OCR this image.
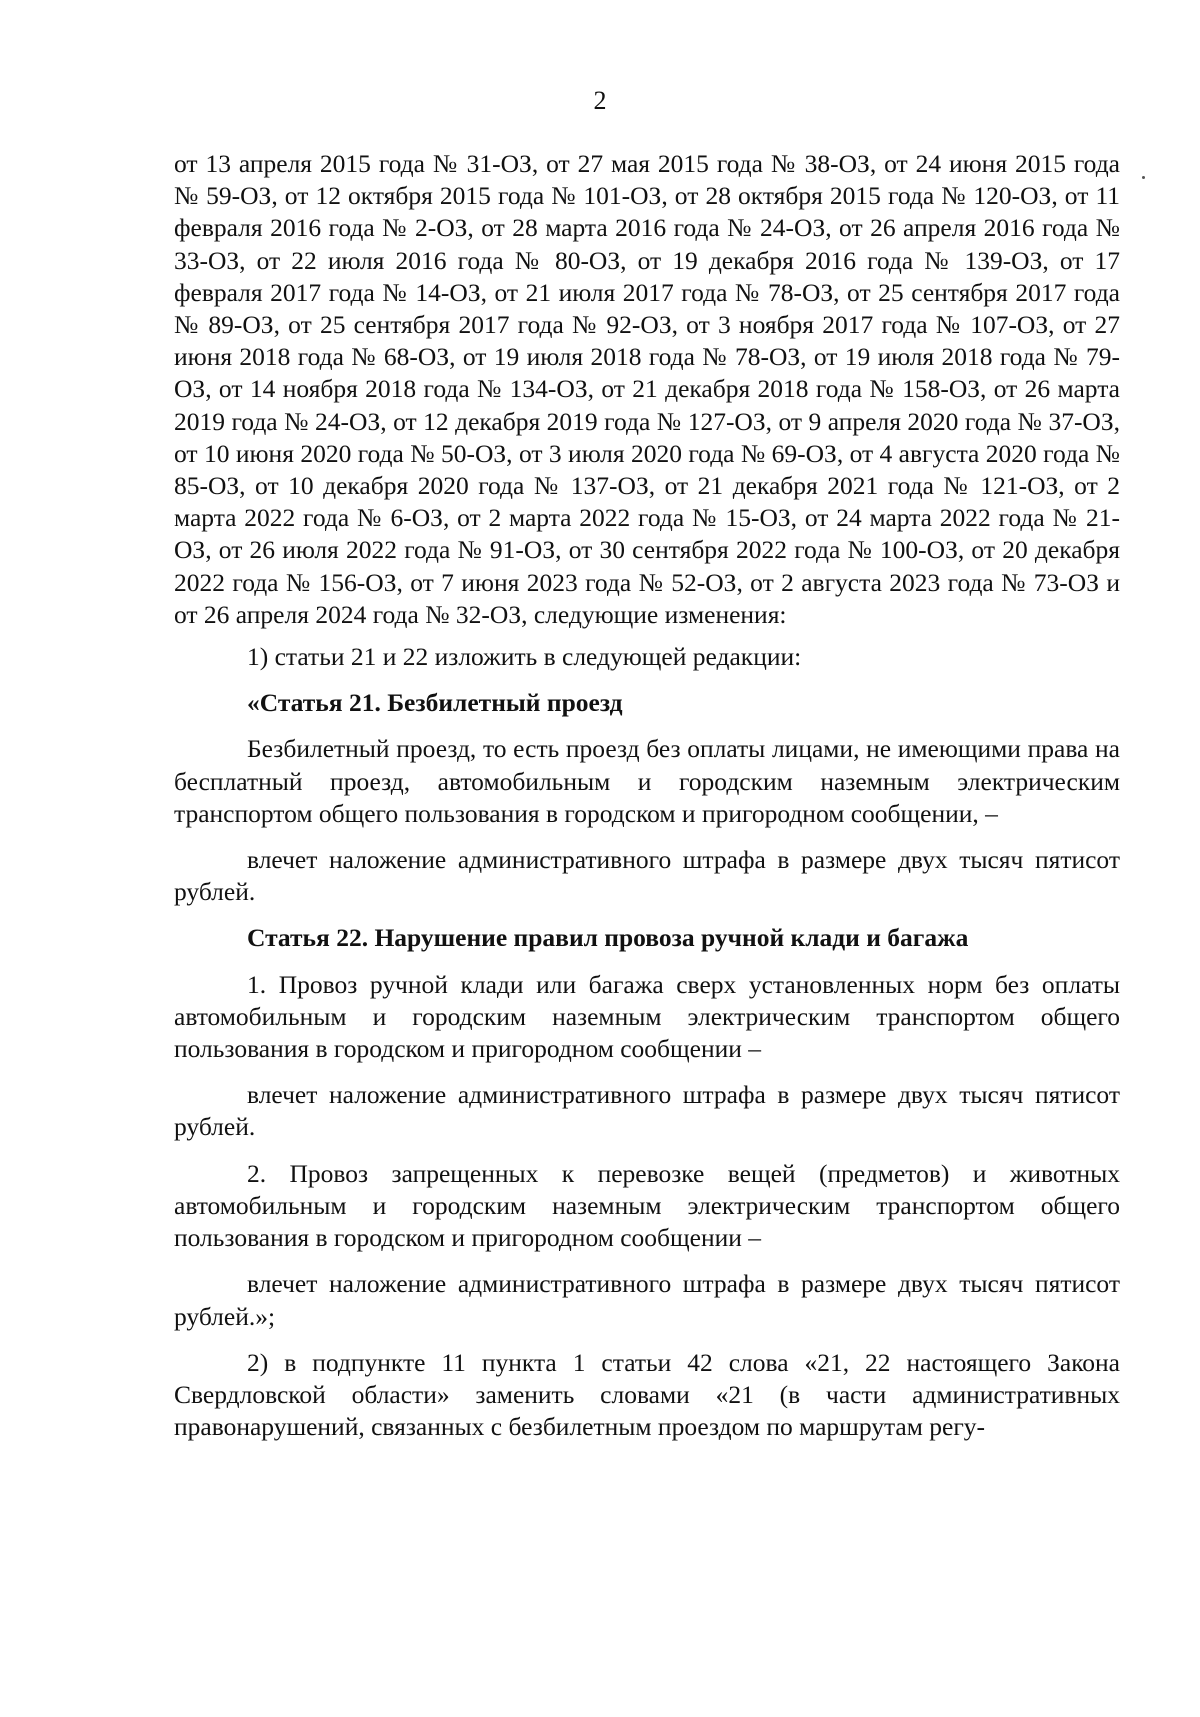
2

от 13 апреля 2015 года № 31-ОЗ, от 27 мая 2015 года № 38-ОЗ, от 24 июня 2015 года № 59-ОЗ, от 12 октября 2015 года № 101-ОЗ, от 28 октября 2015 года № 120-ОЗ, от 11 февраля 2016 года № 2-ОЗ, от 28 марта 2016 года № 24-ОЗ, от 26 апреля 2016 года № 33-ОЗ, от 22 июля 2016 года № 80-ОЗ, от 19 декабря 2016 года № 139-ОЗ, от 17 февраля 2017 года № 14-ОЗ, от 21 июля 2017 года № 78-ОЗ, от 25 сентября 2017 года № 89-ОЗ, от 25 сентября 2017 года № 92-ОЗ, от 3 ноября 2017 года № 107-ОЗ, от 27 июня 2018 года № 68-ОЗ, от 19 июля 2018 года № 78-ОЗ, от 19 июля 2018 года № 79-ОЗ, от 14 ноября 2018 года № 134-ОЗ, от 21 декабря 2018 года № 158-ОЗ, от 26 марта 2019 года № 24-ОЗ, от 12 декабря 2019 года № 127-ОЗ, от 9 апреля 2020 года № 37-ОЗ, от 10 июня 2020 года № 50-ОЗ, от 3 июля 2020 года № 69-ОЗ, от 4 августа 2020 года № 85-ОЗ, от 10 декабря 2020 года № 137-ОЗ, от 21 декабря 2021 года № 121-ОЗ, от 2 марта 2022 года № 6-ОЗ, от 2 марта 2022 года № 15-ОЗ, от 24 марта 2022 года № 21-ОЗ, от 26 июля 2022 года № 91-ОЗ, от 30 сентября 2022 года № 100-ОЗ, от 20 декабря 2022 года № 156-ОЗ, от 7 июня 2023 года № 52-ОЗ, от 2 августа 2023 года № 73-ОЗ и от 26 апреля 2024 года № 32-ОЗ, следующие изменения:

1) статьи 21 и 22 изложить в следующей редакции:

«Статья 21. Безбилетный проезд

Безбилетный проезд, то есть проезд без оплаты лицами, не имеющими права на бесплатный проезд, автомобильным и городским наземным электрическим транспортом общего пользования в городском и пригородном сообщении, –

влечет наложение административного штрафа в размере двух тысяч пятисот рублей.

Статья 22. Нарушение правил провоза ручной клади и багажа

1. Провоз ручной клади или багажа сверх установленных норм без оплаты автомобильным и городским наземным электрическим транспортом общего пользования в городском и пригородном сообщении –

влечет наложение административного штрафа в размере двух тысяч пятисот рублей.

2. Провоз запрещенных к перевозке вещей (предметов) и животных автомобильным и городским наземным электрическим транспортом общего пользования в городском и пригородном сообщении –

влечет наложение административного штрафа в размере двух тысяч пятисот рублей.»;

2) в подпункте 11 пункта 1 статьи 42 слова «21, 22 настоящего Закона Свердловской области» заменить словами «21 (в части административных правонарушений, связанных с безбилетным проездом по маршрутам регу-
